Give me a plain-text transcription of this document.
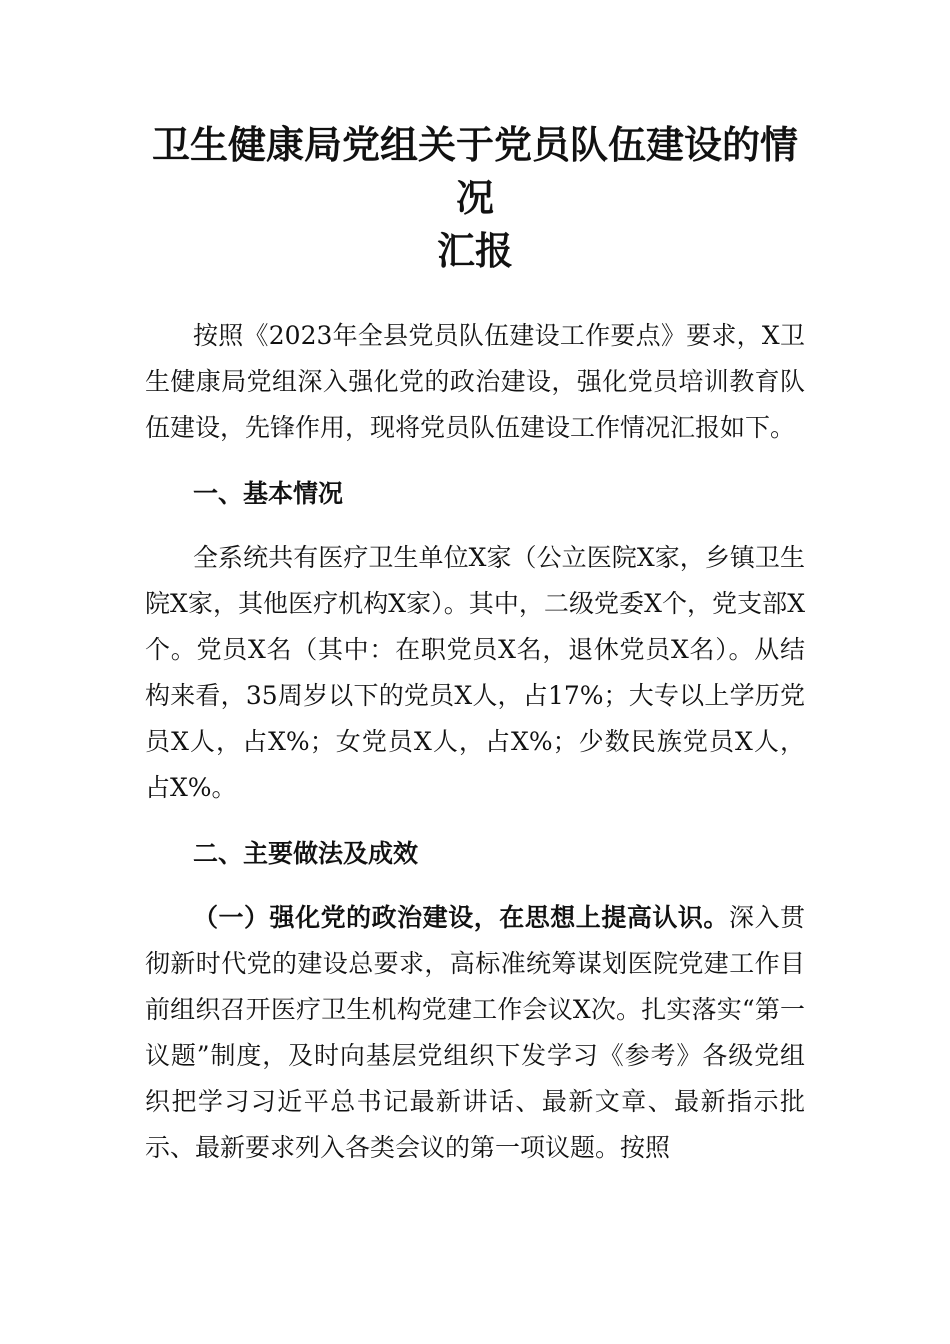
卫生健康局党组关于党员队伍建设的情况
汇报

按照《2023年全县党员队伍建设工作要点》要求，X卫生健康局党组深入强化党的政治建设，强化党员培训教育队伍建设，先锋作用，现将党员队伍建设工作情况汇报如下。

一、基本情况

全系统共有医疗卫生单位X家（公立医院X家，乡镇卫生院X家，其他医疗机构X家）。其中，二级党委X个，党支部X个。党员X名（其中：在职党员X名，退休党员X名）。从结构来看，35周岁以下的党员X人，占17%；大专以上学历党员X人，占X%；女党员X人，占X%；少数民族党员X人，占X%。

二、主要做法及成效

（一）强化党的政治建设，在思想上提高认识。深入贯彻新时代党的建设总要求，高标准统筹谋划医院党建工作目前组织召开医疗卫生机构党建工作会议X次。扎实落实“第一议题”制度，及时向基层党组织下发学习《参考》各级党组织把学习习近平总书记最新讲话、最新文章、最新指示批示、最新要求列入各类会议的第一项议题。按照
